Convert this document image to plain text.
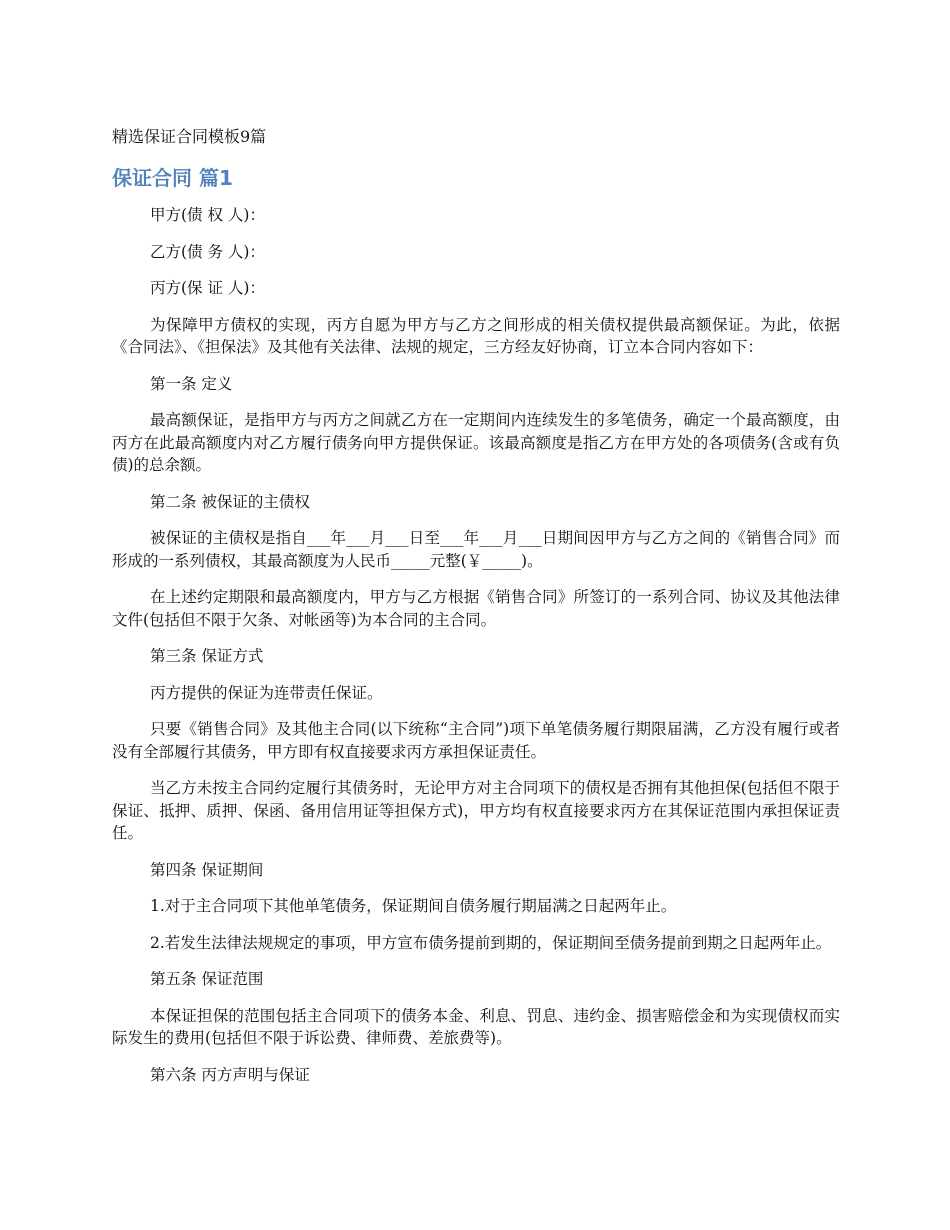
精选保证合同模板9篇
保证合同 篇1

甲方(债 权 人)：

乙方(债 务 人)：

丙方(保 证 人)：

为保障甲方债权的实现，丙方自愿为甲方与乙方之间形成的相关债权提供最高额保证。为此，依据《合同法》、《担保法》及其他有关法律、法规的规定，三方经友好协商，订立本合同内容如下：

第一条 定义

最高额保证，是指甲方与丙方之间就乙方在一定期间内连续发生的多笔债务，确定一个最高额度，由丙方在此最高额度内对乙方履行债务向甲方提供保证。该最高额度是指乙方在甲方处的各项债务(含或有负债)的总余额。

第二条 被保证的主债权

被保证的主债权是指自___年___月___日至___年___月___日期间因甲方与乙方之间的《销售合同》而形成的一系列债权，其最高额度为人民币_____元整(￥_____)。

在上述约定期限和最高额度内，甲方与乙方根据《销售合同》所签订的一系列合同、协议及其他法律文件(包括但不限于欠条、对帐函等)为本合同的主合同。

第三条 保证方式

丙方提供的保证为连带责任保证。

只要《销售合同》及其他主合同(以下统称“主合同”)项下单笔债务履行期限届满，乙方没有履行或者没有全部履行其债务，甲方即有权直接要求丙方承担保证责任。

当乙方未按主合同约定履行其债务时，无论甲方对主合同项下的债权是否拥有其他担保(包括但不限于保证、抵押、质押、保函、备用信用证等担保方式)，甲方均有权直接要求丙方在其保证范围内承担保证责任。

第四条 保证期间

1.对于主合同项下其他单笔债务，保证期间自债务履行期届满之日起两年止。

2.若发生法律法规规定的事项，甲方宣布债务提前到期的，保证期间至债务提前到期之日起两年止。

第五条 保证范围

本保证担保的范围包括主合同项下的债务本金、利息、罚息、违约金、损害赔偿金和为实现债权而实际发生的费用(包括但不限于诉讼费、律师费、差旅费等)。

第六条 丙方声明与保证
